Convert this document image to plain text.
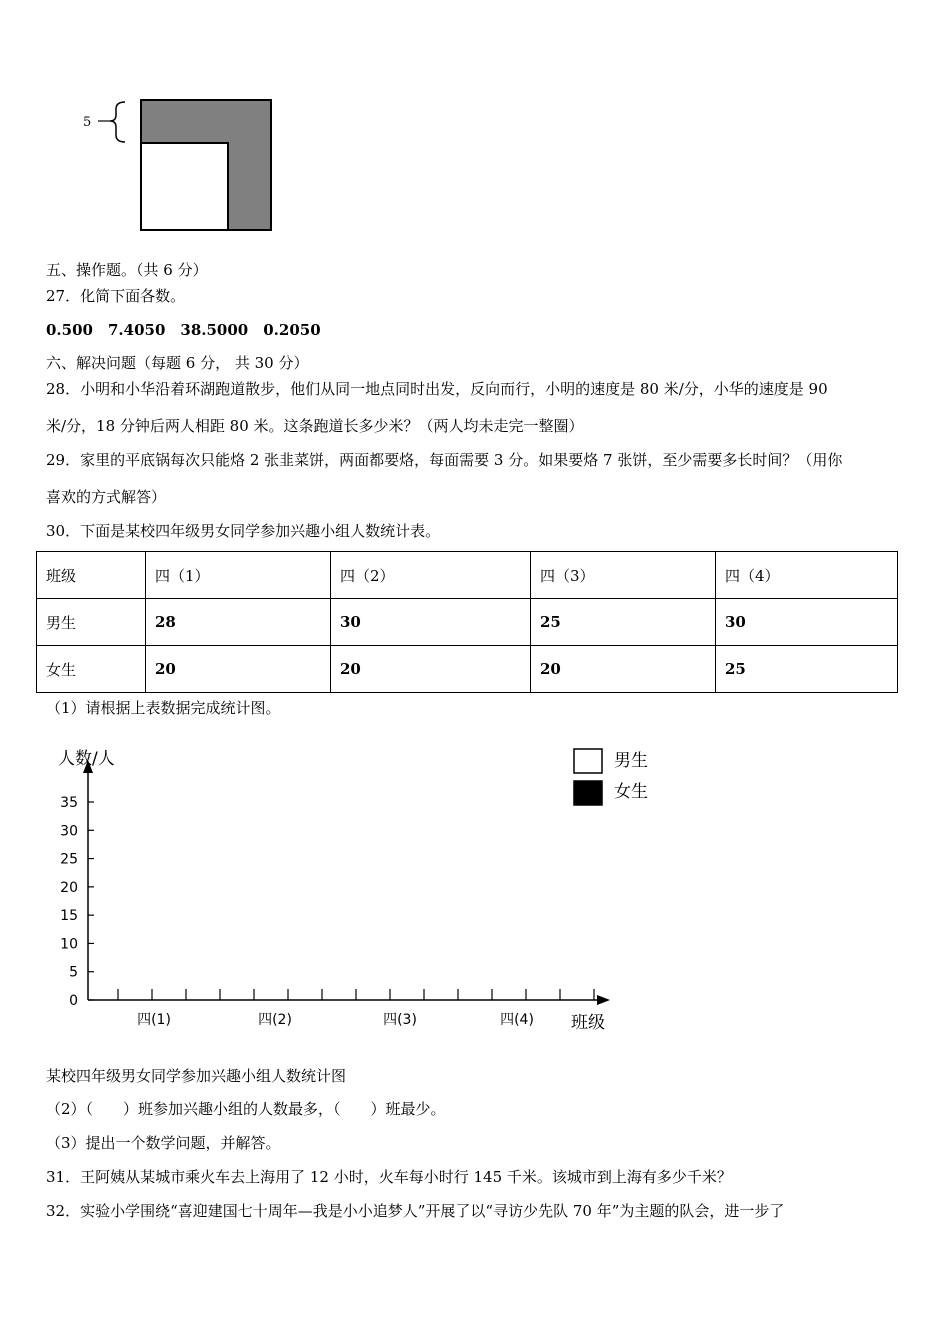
5
五、操作题。（共 6 分）
27．化简下面各数。
0.500　7.4050　38.5000　0.2050
六、解决问题（每题 6 分， 共 30 分）
28．小明和小华沿着环湖跑道散步，他们从同一地点同时出发，反向而行，小明的速度是 80 米/分，小华的速度是 90
米/分，18 分钟后两人相距 80 米。这条跑道长多少米？（两人均未走完一整圈）
29．家里的平底锅每次只能烙 2 张韭菜饼，两面都要烙，每面需要 3 分。如果要烙 7 张饼，至少需要多长时间？（用你
喜欢的方式解答）
30．下面是某校四年级男女同学参加兴趣小组人数统计表。
班级	四（1）	四（2）	四（3）	四（4）
男生	28	30	25	30
女生	20	20	20	25
（1）请根据上表数据完成统计图。
人数/人
班级
男生
女生
0
5
10
15
20
25
30
35
四(1)	四(2)	四(3)	四(4)
某校四年级男女同学参加兴趣小组人数统计图
（2）（　　）班参加兴趣小组的人数最多，（　　）班最少。
（3）提出一个数学问题，并解答。
31．王阿姨从某城市乘火车去上海用了 12 小时，火车每小时行 145 千米。该城市到上海有多少千米？
32．实验小学围绕“喜迎建国七十周年—我是小小追梦人”开展了以“寻访少先队 70 年”为主题的队会，进一步了
